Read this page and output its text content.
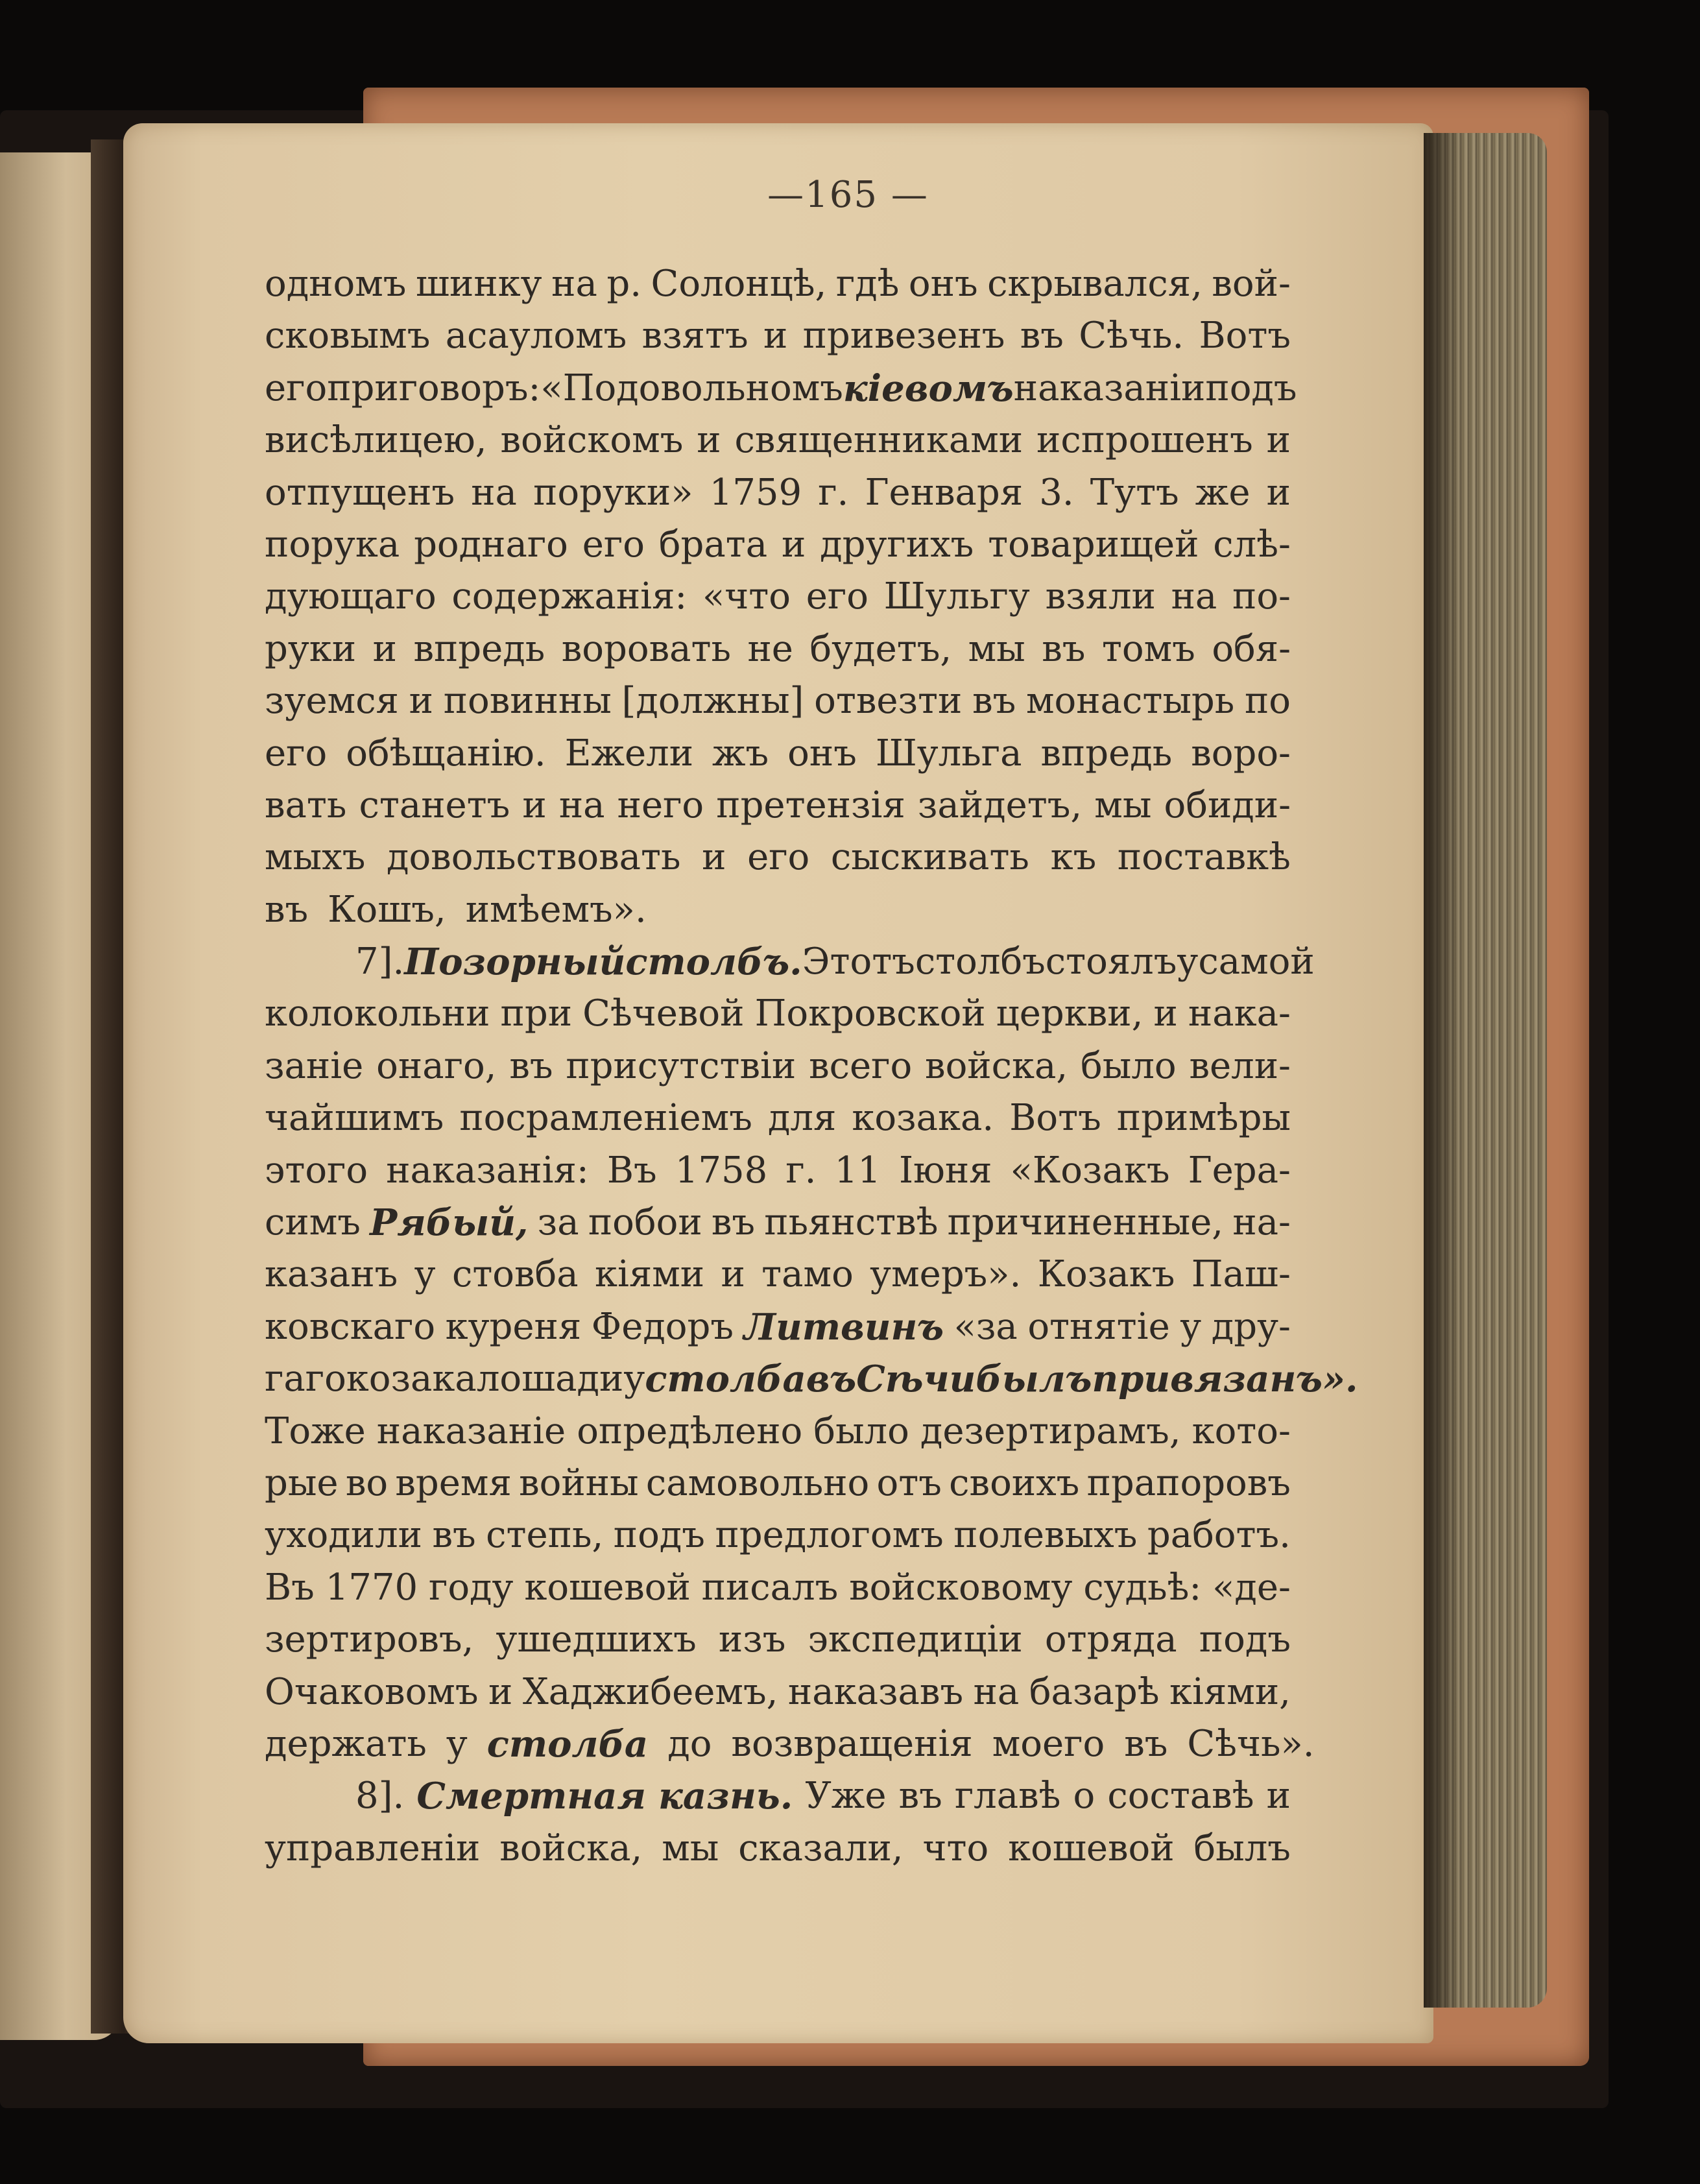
—165 —
одномъ шинку на р. Солонцѣ, гдѣ онъ скрывался, вой-
сковымъ асауломъ взятъ и привезенъ въ Сѣчь. Вотъ
его приговоръ: «По довольномъ кіевомъ наказаніи подъ
висѣлицею, войскомъ и священниками испрошенъ и
отпущенъ на поруки» 1759 г. Генваря 3. Тутъ же и
порука роднаго его брата и другихъ товарищей слѣ-
дующаго содержанія: «что его Шульгу взяли на по-
руки и впредь воровать не будетъ, мы въ томъ обя-
зуемся и повинны [должны] отвезти въ монастырь по
его обѣщанію. Ежели жъ онъ Шульга впредь воро-
вать станетъ и на него претензія зайдетъ, мы обиди-
мыхъ довольствовать и его сыскивать къ поставкѣ
въ Кошъ, имѣемъ».
7]. Позорный столбъ. Этотъ столбъ стоялъ у самой
колокольни при Сѣчевой Покровской церкви, и нака-
заніе онаго, въ присутствіи всего войска, было вели-
чайшимъ посрамленіемъ для козака. Вотъ примѣры
этого наказанія: Въ 1758 г. 11 Іюня «Козакъ Гера-
симъ Рябый, за побои въ пьянствѣ причиненные, на-
казанъ у стовба кіями и тамо умеръ». Козакъ Паш-
ковскаго куреня Федоръ Литвинъ «за отнятіе у дру-
гаго козака лошади у столба въ Сѣчи былъ привязанъ».
Тоже наказаніе опредѣлено было дезертирамъ, кото-
рые во время войны самовольно отъ своихъ прапоровъ
уходили въ степь, подъ предлогомъ полевыхъ работъ.
Въ 1770 году кошевой писалъ войсковому судьѣ: «де-
зертировъ, ушедшихъ изъ экспедиціи отряда подъ
Очаковомъ и Хаджибеемъ, наказавъ на базарѣ кіями,
держать у столба до возвращенія моего въ Сѣчь».
8]. Смертная казнь. Уже въ главѣ о составѣ и
управленіи войска, мы сказали, что кошевой былъ
